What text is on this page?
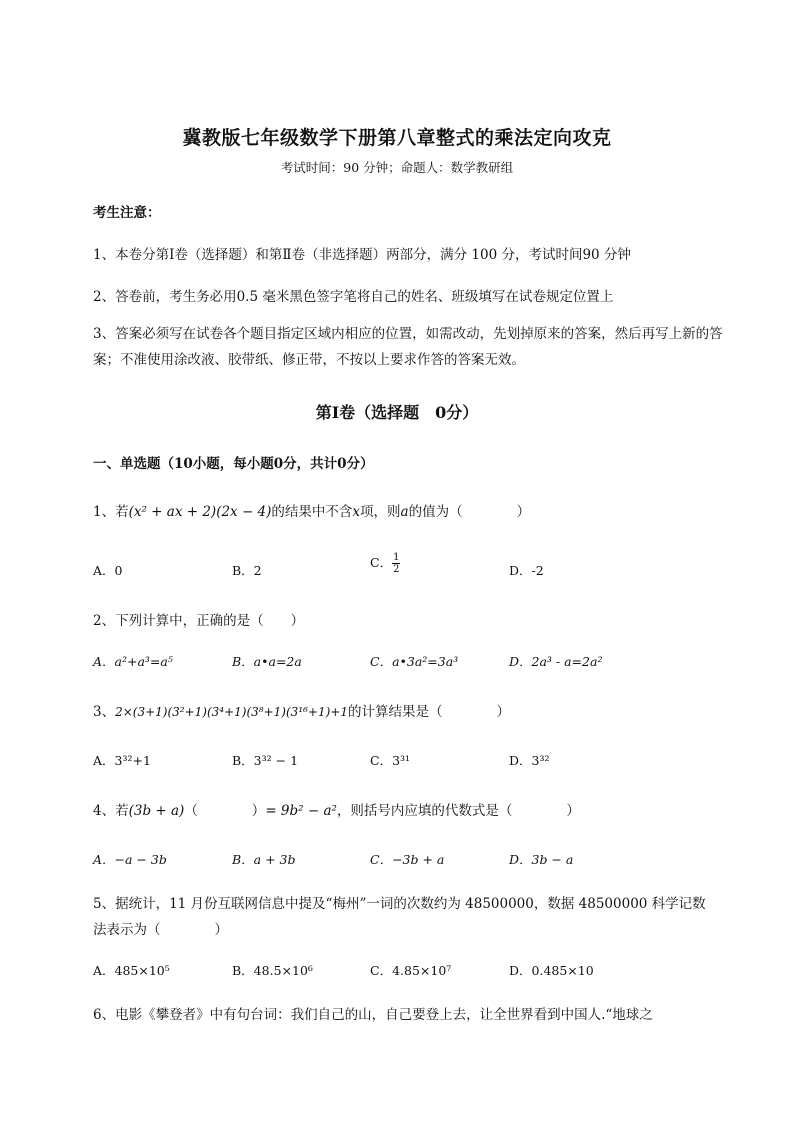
冀教版七年级数学下册第八章整式的乘法定向攻克
考试时间：90 分钟；命题人：数学教研组
考生注意：
1、本卷分第Ⅰ卷（选择题）和第Ⅱ卷（非选择题）两部分，满分 100 分，考试时间90 分钟
2、答卷前，考生务必用0.5 毫米黑色签字笔将自己的姓名、班级填写在试卷规定位置上
3、答案必须写在试卷各个题目指定区域内相应的位置，如需改动，先划掉原来的答案，然后再写上新的答案；不准使用涂改液、胶带纸、修正带，不按以上要求作答的答案无效。
第Ⅰ卷（选择题　0分）
一、单选题（10小题，每小题0分，共计0分）
1、若(x² + ax + 2)(2x − 4)的结果中不含x项，则a的值为（　　　　）
A．0	B．2
C． $\frac{1}{2}$	D．-2
2、下列计算中，正确的是（　　）
A．a²+a³=a⁵	B．a•a=2a	C．a•3a²=3a³	D．2a³ - a=2a²
3、2×(3+1)(3²+1)(3⁴+1)(3⁸+1)(3¹⁶+1)+1的计算结果是（　　　　）
A．3³²+1	B．3³² − 1	C．3³¹	D．3³²
4、若(3b + a)（　　　　）= 9b² − a²，则括号内应填的代数式是（　　　　）
A．−a − 3b	B．a + 3b	C．−3b + a	D．3b − a
5、据统计，11 月份互联网信息中提及“梅州”一词的次数约为 48500000，数据 48500000 科学记数
法表示为（　　　　）
A．485×10⁵	B．48.5×10⁶	C．4.85×10⁷	D．0.485×10
6、电影《攀登者》中有句台词：我们自己的山，自己要登上去，让全世界看到中国人.“地球之
